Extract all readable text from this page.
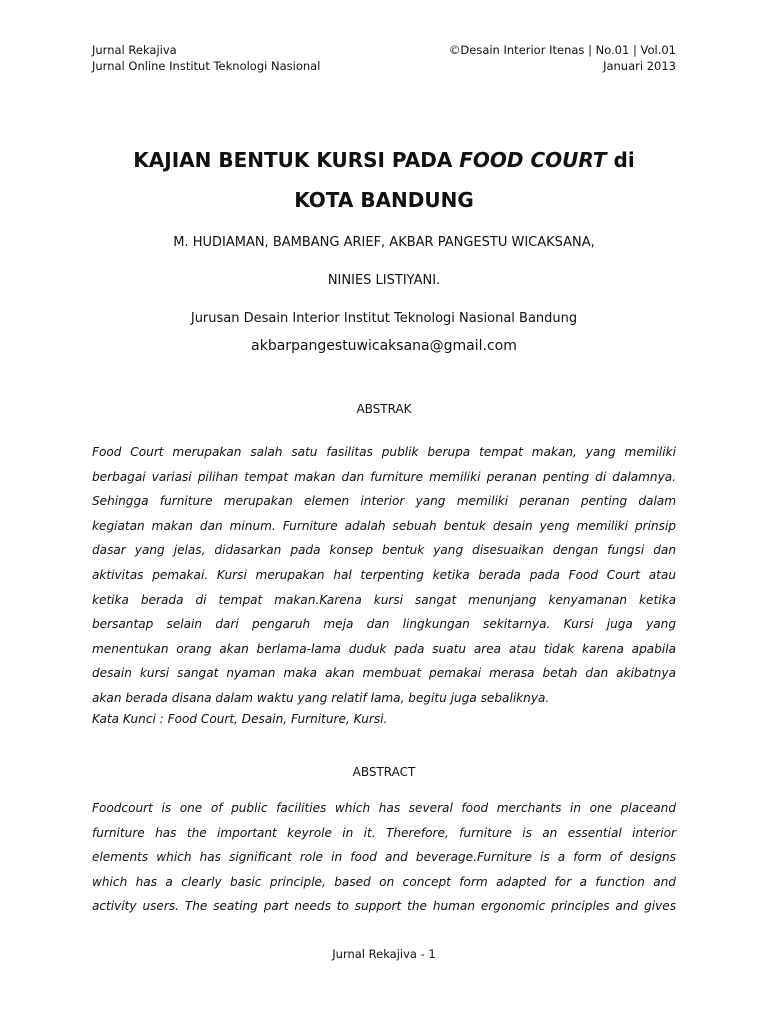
Jurnal Rekajiva
Jurnal Online Institut Teknologi Nasional
©Desain Interior Itenas | No.01 | Vol.01
Januari 2013
KAJIAN BENTUK KURSI PADA FOOD COURT di
KOTA BANDUNG
M. HUDIAMAN, BAMBANG ARIEF, AKBAR PANGESTU WICAKSANA,
NINIES LISTIYANI.
Jurusan Desain Interior Institut Teknologi Nasional Bandung
akbarpangestuwicaksana@gmail.com
ABSTRAK
Food Court merupakan salah satu fasilitas publik berupa tempat makan, yang memiliki
berbagai variasi pilihan tempat makan dan furniture memiliki peranan penting di dalamnya.
Sehingga furniture merupakan elemen interior yang memiliki peranan penting dalam
kegiatan makan dan minum. Furniture adalah sebuah bentuk desain yeng memiliki prinsip
dasar yang jelas, didasarkan pada konsep bentuk yang disesuaikan dengan fungsi dan
aktivitas pemakai. Kursi merupakan hal terpenting ketika berada pada Food Court atau
ketika berada di tempat makan.Karena kursi sangat menunjang kenyamanan ketika
bersantap selain dari pengaruh meja dan lingkungan sekitarnya. Kursi juga yang
menentukan orang akan berlama-lama duduk pada suatu area atau tidak karena apabila
desain kursi sangat nyaman maka akan membuat pemakai merasa betah dan akibatnya
akan berada disana dalam waktu yang relatif lama, begitu juga sebaliknya.
Kata Kunci : Food Court, Desain, Furniture, Kursi.
ABSTRACT
Foodcourt is one of public facilities which has several food merchants in one placeand
furniture has the important keyrole in it. Therefore, furniture is an essential interior
elements which has significant role in food and beverage.Furniture is a form of designs
which has a clearly basic principle, based on concept form adapted for a function and
activity users. The seating part needs to support the human ergonomic principles and gives
Jurnal Rekajiva - 1
